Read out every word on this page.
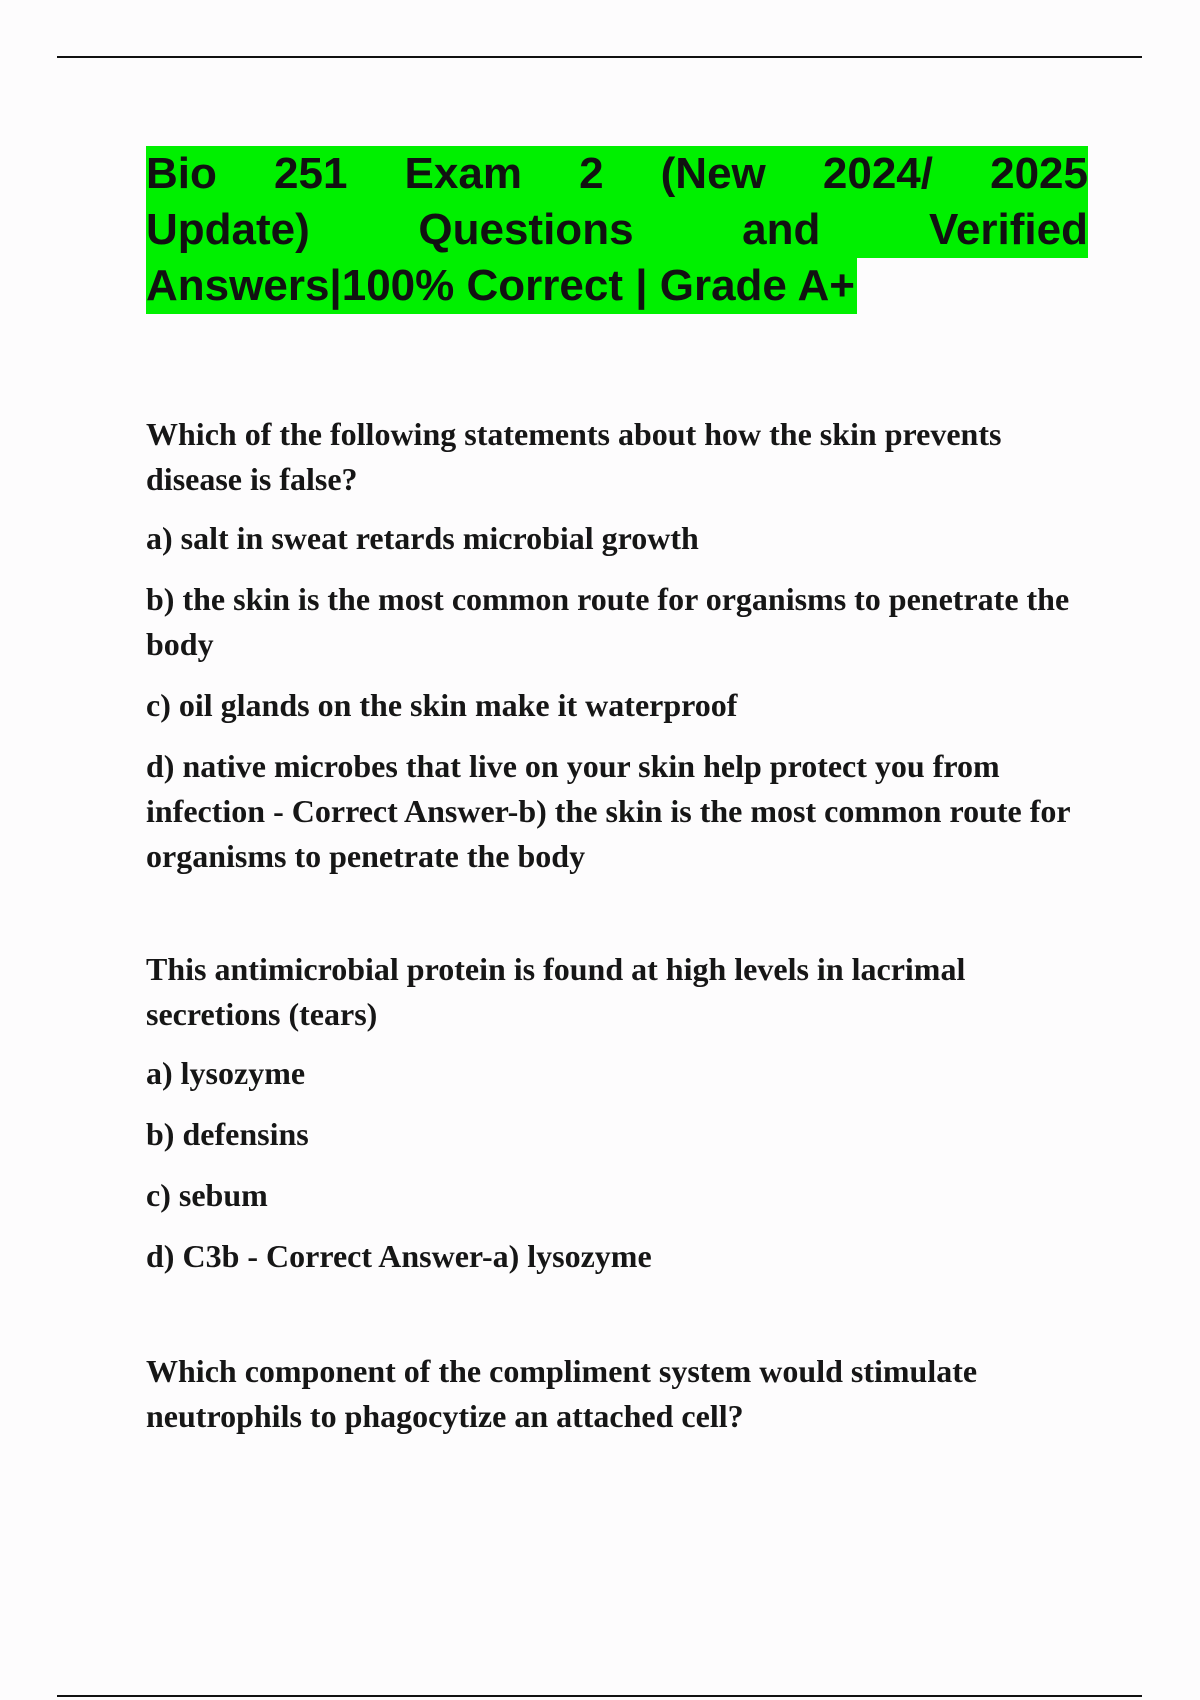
Bio 251 Exam 2 (New 2024/ 2025
Update) Questions and Verified
Answers|100% Correct | Grade A+

Which of the following statements about how the skin prevents disease is false?

a) salt in sweat retards microbial growth

b) the skin is the most common route for organisms to penetrate the body

c) oil glands on the skin make it waterproof

d) native microbes that live on your skin help protect you from infection - Correct Answer-b) the skin is the most common route for organisms to penetrate the body

This antimicrobial protein is found at high levels in lacrimal secretions (tears)

a) lysozyme

b) defensins

c) sebum

d) C3b - Correct Answer-a) lysozyme

Which component of the compliment system would stimulate neutrophils to phagocytize an attached cell?
